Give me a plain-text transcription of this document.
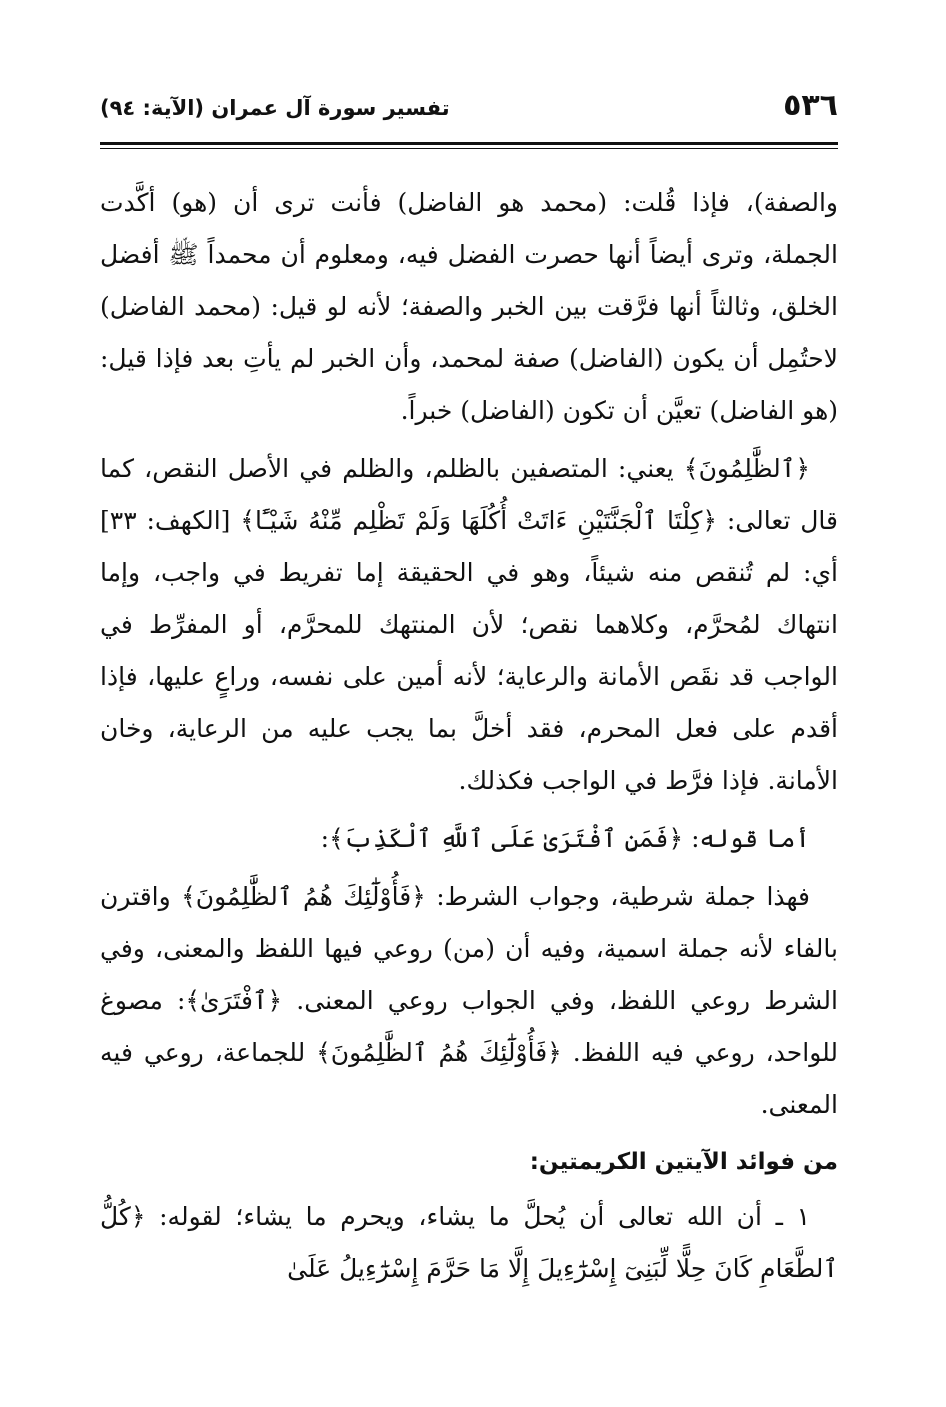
٥٣٦
تفسير سورة آل عمران (الآية: ٩٤)

والصفة)، فإذا قُلت: (محمد هو الفاضل) فأنت ترى أن (هو) أكَّدت الجملة، وترى أيضاً أنها حصرت الفضل فيه، ومعلوم أن محمداً ﷺ أفضل الخلق، وثالثاً أنها فرَّقت بين الخبر والصفة؛ لأنه لو قيل: (محمد الفاضل) لاحتُمِل أن يكون (الفاضل) صفة لمحمد، وأن الخبر لم يأتِ بعد فإذا قيل: (هو الفاضل) تعيَّن أن تكون (الفاضل) خبراً.

﴿ٱلظَّٰلِمُونَ﴾ يعني: المتصفين بالظلم، والظلم في الأصل النقص، كما قال تعالى: ﴿كِلْتَا ٱلْجَنَّتَيْنِ ءَاتَتْ أُكُلَهَا وَلَمْ تَظْلِم مِّنْهُ شَيْـًٔا﴾ [الكهف: ٣٣] أي: لم تُنقص منه شيئاً، وهو في الحقيقة إما تفريط في واجب، وإما انتهاك لمُحرَّم، وكلاهما نقص؛ لأن المنتهك للمحرَّم، أو المفرِّط في الواجب قد نقَص الأمانة والرعاية؛ لأنه أمين على نفسه، وراعٍ عليها، فإذا أقدم على فعل المحرم، فقد أخلَّ بما يجب عليه من الرعاية، وخان الأمانة. فإذا فرَّط في الواجب فكذلك.

أما قوله: ﴿فَمَنِ ٱفْتَرَىٰ عَلَى ٱللَّهِ ٱلْكَذِبَ﴾:

فهذا جملة شرطية، وجواب الشرط: ﴿فَأُوْلَٰٓئِكَ هُمُ ٱلظَّٰلِمُونَ﴾ واقترن بالفاء لأنه جملة اسمية، وفيه أن (من) روعي فيها اللفظ والمعنى، وفي الشرط روعي اللفظ، وفي الجواب روعي المعنى. ﴿ٱفْتَرَىٰ﴾: مصوغ للواحد، روعي فيه اللفظ. ﴿فَأُوْلَٰٓئِكَ هُمُ ٱلظَّٰلِمُونَ﴾ للجماعة، روعي فيه المعنى.

من فوائد الآيتين الكريمتين:

١ ـ أن الله تعالى أن يُحلَّ ما يشاء، ويحرم ما يشاء؛ لقوله: ﴿كُلُّ ٱلطَّعَامِ كَانَ حِلًّا لِّبَنِىٓ إِسْرَٰٓءِيلَ إِلَّا مَا حَرَّمَ إِسْرَٰٓءِيلُ عَلَىٰ
